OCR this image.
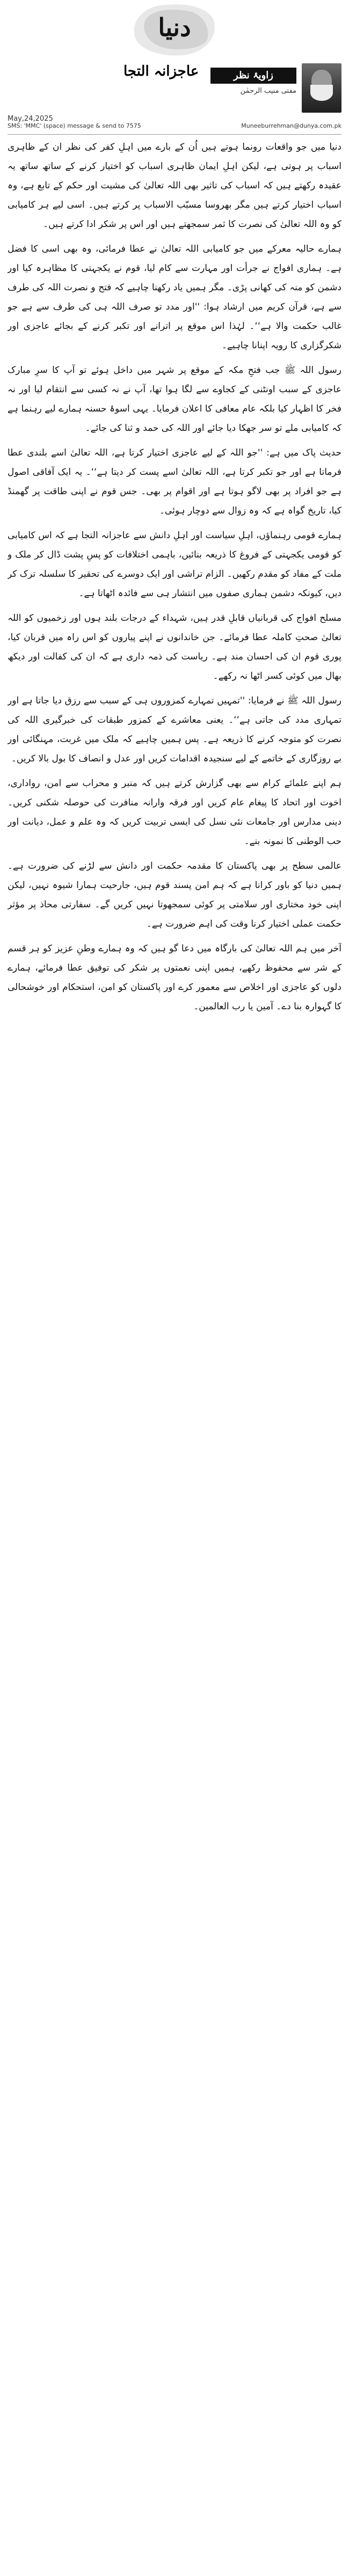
دنیا
زاویۂ نظر
مفتی منیب الرحمٰن
May,24,2025
عاجزانہ التجا
SMS: 'MMC' (space) message & send to 7575	Muneeburrehman@dunya.com.pk

دنیا میں جو واقعات رونما ہوتے ہیں اُن کے بارے میں اہلِ کفر کی نظر ان کے ظاہری اسباب پر ہوتی ہے، لیکن اہلِ ایمان ظاہری اسباب کو اختیار کرنے کے ساتھ ساتھ یہ عقیدہ رکھتے ہیں کہ اسباب کی تاثیر بھی اللہ تعالیٰ کی مشیت اور حکم کے تابع ہے، وہ اسباب اختیار کرتے ہیں مگر بھروسا مسبّب الاسباب پر کرتے ہیں۔ اسی لیے ہر کامیابی کو وہ اللہ تعالیٰ کی نصرت کا ثمر سمجھتے ہیں اور اس پر شکر ادا کرتے ہیں۔

ہمارے حالیہ معرکے میں جو کامیابی اللہ تعالیٰ نے عطا فرمائی، وہ بھی اسی کا فضل ہے۔ ہماری افواج نے جرأت اور مہارت سے کام لیا، قوم نے یکجہتی کا مظاہرہ کیا اور دشمن کو منہ کی کھانی پڑی۔ مگر ہمیں یاد رکھنا چاہیے کہ فتح و نصرت اللہ کی طرف سے ہے، قرآن کریم میں ارشاد ہوا: ''اور مدد تو صرف اللہ ہی کی طرف سے ہے جو غالب حکمت والا ہے‘‘۔ لہٰذا اس موقع پر اترانے اور تکبر کرنے کے بجائے عاجزی اور شکرگزاری کا رویہ اپنانا چاہیے۔

رسول اللہ ﷺ جب فتحِ مکہ کے موقع پر شہر میں داخل ہوئے تو آپ کا سرِ مبارک عاجزی کے سبب اونٹنی کے کجاوے سے لگا ہوا تھا، آپ نے نہ کسی سے انتقام لیا اور نہ فخر کا اظہار کیا بلکہ عام معافی کا اعلان فرمایا۔ یہی اسوۂ حسنہ ہمارے لیے رہنما ہے کہ کامیابی ملے تو سر جھکا دیا جائے اور اللہ کی حمد و ثنا کی جائے۔

حدیث پاک میں ہے: ''جو اللہ کے لیے عاجزی اختیار کرتا ہے، اللہ تعالیٰ اسے بلندی عطا فرماتا ہے اور جو تکبر کرتا ہے، اللہ تعالیٰ اسے پست کر دیتا ہے‘‘۔ یہ ایک آفاقی اصول ہے جو افراد پر بھی لاگو ہوتا ہے اور اقوام پر بھی۔ جس قوم نے اپنی طاقت پر گھمنڈ کیا، تاریخ گواہ ہے کہ وہ زوال سے دوچار ہوئی۔

ہمارے قومی رہنماؤں، اہلِ سیاست اور اہلِ دانش سے عاجزانہ التجا ہے کہ اس کامیابی کو قومی یکجہتی کے فروغ کا ذریعہ بنائیں، باہمی اختلافات کو پسِ پشت ڈال کر ملک و ملت کے مفاد کو مقدم رکھیں۔ الزام تراشی اور ایک دوسرے کی تحقیر کا سلسلہ ترک کر دیں، کیونکہ دشمن ہماری صفوں میں انتشار ہی سے فائدہ اٹھاتا ہے۔

مسلح افواج کی قربانیاں قابلِ قدر ہیں، شہداء کے درجات بلند ہوں اور زخمیوں کو اللہ تعالیٰ صحتِ کاملہ عطا فرمائے۔ جن خاندانوں نے اپنے پیاروں کو اس راہ میں قربان کیا، پوری قوم ان کی احسان مند ہے۔ ریاست کی ذمہ داری ہے کہ ان کی کفالت اور دیکھ بھال میں کوئی کسر اٹھا نہ رکھے۔

رسول اللہ ﷺ نے فرمایا: ''تمہیں تمہارے کمزوروں ہی کے سبب سے رزق دیا جاتا ہے اور تمہاری مدد کی جاتی ہے‘‘۔ یعنی معاشرے کے کمزور طبقات کی خبرگیری اللہ کی نصرت کو متوجہ کرنے کا ذریعہ ہے۔ پس ہمیں چاہیے کہ ملک میں غربت، مہنگائی اور بے روزگاری کے خاتمے کے لیے سنجیدہ اقدامات کریں اور عدل و انصاف کا بول بالا کریں۔

ہم اپنے علمائے کرام سے بھی گزارش کرتے ہیں کہ منبر و محراب سے امن، رواداری، اخوت اور اتحاد کا پیغام عام کریں اور فرقہ وارانہ منافرت کی حوصلہ شکنی کریں۔ دینی مدارس اور جامعات نئی نسل کی ایسی تربیت کریں کہ وہ علم و عمل، دیانت اور حب الوطنی کا نمونہ بنے۔

عالمی سطح پر بھی پاکستان کا مقدمہ حکمت اور دانش سے لڑنے کی ضرورت ہے۔ ہمیں دنیا کو باور کرانا ہے کہ ہم امن پسند قوم ہیں، جارحیت ہمارا شیوہ نہیں، لیکن اپنی خود مختاری اور سلامتی پر کوئی سمجھوتا نہیں کریں گے۔ سفارتی محاذ پر مؤثر حکمت عملی اختیار کرنا وقت کی اہم ضرورت ہے۔

آخر میں ہم اللہ تعالیٰ کی بارگاہ میں دعا گو ہیں کہ وہ ہمارے وطنِ عزیز کو ہر قسم کے شر سے محفوظ رکھے، ہمیں اپنی نعمتوں پر شکر کی توفیق عطا فرمائے، ہمارے دلوں کو عاجزی اور اخلاص سے معمور کرے اور پاکستان کو امن، استحکام اور خوشحالی کا گہوارہ بنا دے۔ آمین یا رب العالمین۔
